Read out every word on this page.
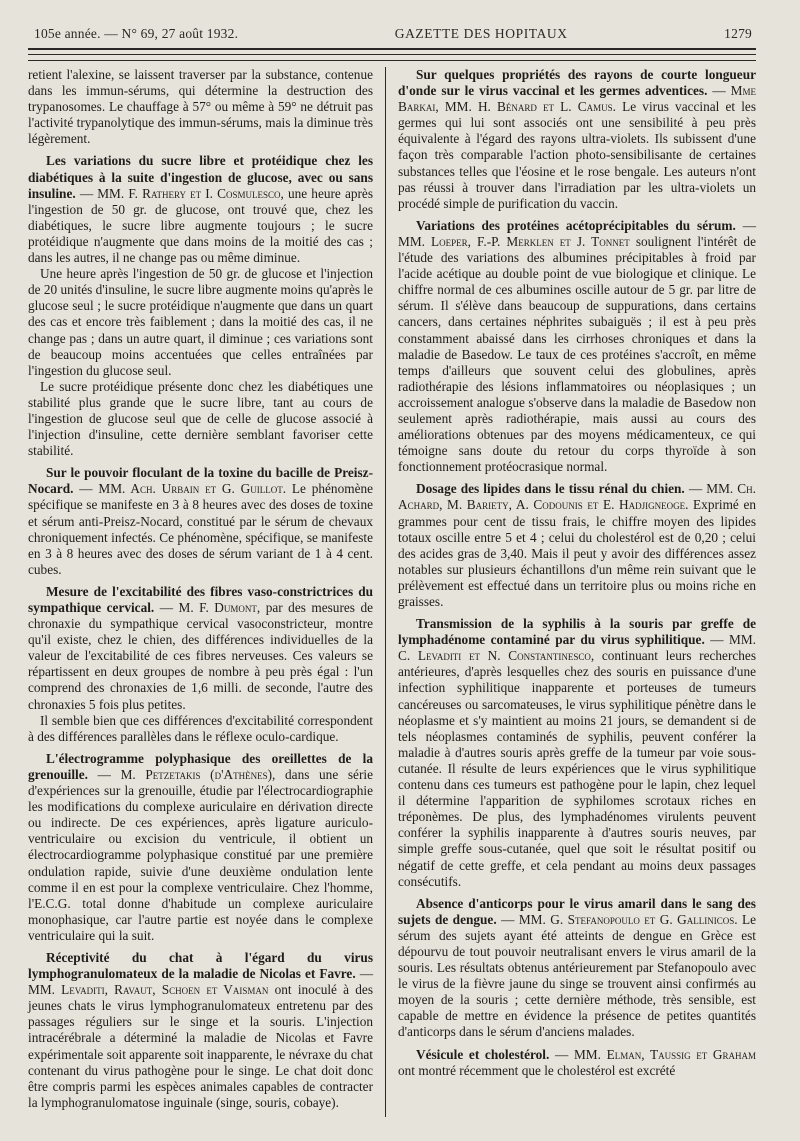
105e année. — N° 69, 27 août 1932.	GAZETTE DES HOPITAUX	1279

retient l'alexine, se laissent traverser par la substance, contenue dans les immun-sérums, qui détermine la destruction des trypanosomes. Le chauffage à 57° ou même à 59° ne détruit pas l'activité trypanolytique des immun-sérums, mais la diminue très légèrement.

Les variations du sucre libre et protéidique chez les diabétiques à la suite d'ingestion de glucose, avec ou sans insuline. — MM. F. Rathery et I. Cosmulesco, une heure après l'ingestion de 50 gr. de glucose, ont trouvé que, chez les diabétiques, le sucre libre augmente toujours ; le sucre protéidique n'augmente que dans moins de la moitié des cas ; dans les autres, il ne change pas ou même diminue.

Une heure après l'ingestion de 50 gr. de glucose et l'injection de 20 unités d'insuline, le sucre libre augmente moins qu'après le glucose seul ; le sucre protéidique n'augmente que dans un quart des cas et encore très faiblement ; dans la moitié des cas, il ne change pas ; dans un autre quart, il diminue ; ces variations sont de beaucoup moins accentuées que celles entraînées par l'ingestion du glucose seul.

Le sucre protéidique présente donc chez les diabétiques une stabilité plus grande que le sucre libre, tant au cours de l'ingestion de glucose seul que de celle de glucose associé à l'injection d'insuline, cette dernière semblant favoriser cette stabilité.

Sur le pouvoir floculant de la toxine du bacille de Preisz-Nocard. — MM. Ach. Urbain et G. Guillot. Le phénomène spécifique se manifeste en 3 à 8 heures avec des doses de toxine et sérum anti-Preisz-Nocard, constitué par le sérum de chevaux chroniquement infectés. Ce phénomène, spécifique, se manifeste en 3 à 8 heures avec des doses de sérum variant de 1 à 4 cent. cubes.

Mesure de l'excitabilité des fibres vaso-constrictrices du sympathique cervical. — M. F. Dumont, par des mesures de chronaxie du sympathique cervical vasoconstricteur, montre qu'il existe, chez le chien, des différences individuelles de la valeur de l'excitabilité de ces fibres nerveuses. Ces valeurs se répartissent en deux groupes de nombre à peu près égal : l'un comprend des chronaxies de 1,6 milli. de seconde, l'autre des chronaxies 5 fois plus petites.

Il semble bien que ces différences d'excitabilité correspondent à des différences parallèles dans le réflexe oculo-cardique.

L'électrogramme polyphasique des oreillettes de la grenouille. — M. Petzetakis (d'Athènes), dans une série d'expériences sur la grenouille, étudie par l'électrocardiographie les modifications du complexe auriculaire en dérivation directe ou indirecte. De ces expériences, après ligature auriculo-ventriculaire ou excision du ventricule, il obtient un électrocardiogramme polyphasique constitué par une première ondulation rapide, suivie d'une deuxième ondulation lente comme il en est pour la complexe ventriculaire. Chez l'homme, l'E.C.G. total donne d'habitude un complexe auriculaire monophasique, car l'autre partie est noyée dans le complexe ventriculaire qui la suit.

Réceptivité du chat à l'égard du virus lymphogranulomateux de la maladie de Nicolas et Favre. — MM. Levaditi, Ravaut, Schoen et Vaisman ont inoculé à des jeunes chats le virus lymphogranulomateux entretenu par des passages réguliers sur le singe et la souris. L'injection intracérébrale a déterminé la maladie de Nicolas et Favre expérimentale soit apparente soit inapparente, le névraxe du chat contenant du virus pathogène pour le singe. Le chat doit donc être compris parmi les espèces animales capables de contracter la lymphogranulomatose inguinale (singe, souris, cobaye).

Sur quelques propriétés des rayons de courte longueur d'onde sur le virus vaccinal et les germes adventices. — Mme Barkai, MM. H. Bénard et L. Camus. Le virus vaccinal et les germes qui lui sont associés ont une sensibilité à peu près équivalente à l'égard des rayons ultra-violets. Ils subissent d'une façon très comparable l'action photo-sensibilisante de certaines substances telles que l'éosine et le rose bengale. Les auteurs n'ont pas réussi à trouver dans l'irradiation par les ultra-violets un procédé simple de purification du vaccin.

Variations des protéines acétoprécipitables du sérum. — MM. Loeper, F.-P. Merklen et J. Tonnet soulignent l'intérêt de l'étude des variations des albumines précipitables à froid par l'acide acétique au double point de vue biologique et clinique. Le chiffre normal de ces albumines oscille autour de 5 gr. par litre de sérum. Il s'élève dans beaucoup de suppurations, dans certains cancers, dans certaines néphrites subaiguës ; il est à peu près constamment abaissé dans les cirrhoses chroniques et dans la maladie de Basedow. Le taux de ces protéines s'accroît, en même temps d'ailleurs que souvent celui des globulines, après radiothérapie des lésions inflammatoires ou néoplasiques ; un accroissement analogue s'observe dans la maladie de Basedow non seulement après radiothérapie, mais aussi au cours des améliorations obtenues par des moyens médicamenteux, ce qui témoigne sans doute du retour du corps thyroïde à son fonctionnement protéocrasique normal.

Dosage des lipides dans le tissu rénal du chien. — MM. Ch. Achard, M. Bariety, A. Codounis et E. Hadjigneoge. Exprimé en grammes pour cent de tissu frais, le chiffre moyen des lipides totaux oscille entre 5 et 4 ; celui du cholestérol est de 0,20 ; celui des acides gras de 3,40. Mais il peut y avoir des différences assez notables sur plusieurs échantillons d'un même rein suivant que le prélèvement est effectué dans un territoire plus ou moins riche en graisses.

Transmission de la syphilis à la souris par greffe de lymphadénome contaminé par du virus syphilitique. — MM. C. Levaditi et N. Constantinesco, continuant leurs recherches antérieures, d'après lesquelles chez des souris en puissance d'une infection syphilitique inapparente et porteuses de tumeurs cancéreuses ou sarcomateuses, le virus syphilitique pénètre dans le néoplasme et s'y maintient au moins 21 jours, se demandent si de tels néoplasmes contaminés de syphilis, peuvent conférer la maladie à d'autres souris après greffe de la tumeur par voie sous-cutanée. Il résulte de leurs expériences que le virus syphilitique contenu dans ces tumeurs est pathogène pour le lapin, chez lequel il détermine l'apparition de syphilomes scrotaux riches en tréponèmes. De plus, des lymphadénomes virulents peuvent conférer la syphilis inapparente à d'autres souris neuves, par simple greffe sous-cutanée, quel que soit le résultat positif ou négatif de cette greffe, et cela pendant au moins deux passages consécutifs.

Absence d'anticorps pour le virus amaril dans le sang des sujets de dengue. — MM. G. Stefanopoulo et G. Gallinicos. Le sérum des sujets ayant été atteints de dengue en Grèce est dépourvu de tout pouvoir neutralisant envers le virus amaril de la souris. Les résultats obtenus antérieurement par Stefanopoulo avec le virus de la fièvre jaune du singe se trouvent ainsi confirmés au moyen de la souris ; cette dernière méthode, très sensible, est capable de mettre en évidence la présence de petites quantités d'anticorps dans le sérum d'anciens malades.

Vésicule et cholestérol. — MM. Elman, Taussig et Graham ont montré récemment que le cholestérol est excrété
